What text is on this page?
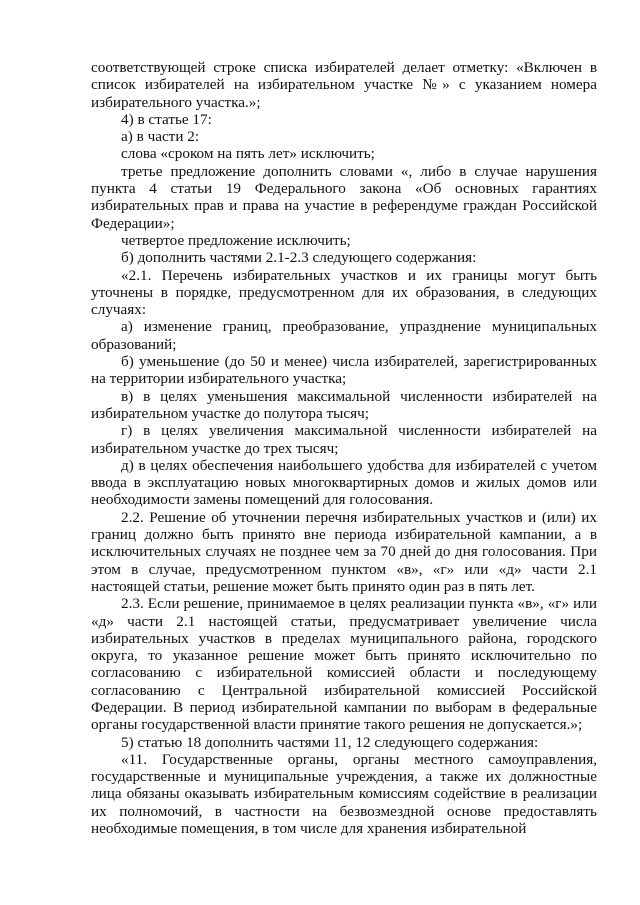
соответствующей строке списка избирателей делает отметку: «Включен в список избирателей на избирательном участке №» с указанием номера избирательного участка.»;

4) в статье 17:

а) в части 2:

слова «сроком на пять лет» исключить;

третье предложение дополнить словами «, либо в случае нарушения пункта 4 статьи 19 Федерального закона «Об основных гарантиях избирательных прав и права на участие в референдуме граждан Российской Федерации»;

четвертое предложение исключить;

б) дополнить частями 2.1-2.3 следующего содержания:

«2.1. Перечень избирательных участков и их границы могут быть уточнены в порядке, предусмотренном для их образования, в следующих случаях:

а) изменение границ, преобразование, упразднение муниципальных образований;

б) уменьшение (до 50 и менее) числа избирателей, зарегистрированных на территории избирательного участка;

в) в целях уменьшения максимальной численности избирателей на избирательном участке до полутора тысяч;

г) в целях увеличения максимальной численности избирателей на избирательном участке до трех тысяч;

д) в целях обеспечения наибольшего удобства для избирателей с учетом ввода в эксплуатацию новых многоквартирных домов и жилых домов или необходимости замены помещений для голосования.

2.2. Решение об уточнении перечня избирательных участков и (или) их границ должно быть принято вне периода избирательной кампании, а в исключительных случаях не позднее чем за 70 дней до дня голосования. При этом в случае, предусмотренном пунктом «в», «г» или «д» части 2.1 настоящей статьи, решение может быть принято один раз в пять лет.

2.3. Если решение, принимаемое в целях реализации пункта «в», «г» или «д» части 2.1 настоящей статьи, предусматривает увеличение числа избирательных участков в пределах муниципального района, городского округа, то указанное решение может быть принято исключительно по согласованию с избирательной комиссией области и последующему согласованию с Центральной избирательной комиссией Российской Федерации. В период избирательной кампании по выборам в федеральные органы государственной власти принятие такого решения не допускается.»;

5) статью 18 дополнить частями 11, 12 следующего содержания:

«11. Государственные органы, органы местного самоуправления, государственные и муниципальные учреждения, а также их должностные лица обязаны оказывать избирательным комиссиям содействие в реализации их полномочий, в частности на безвозмездной основе предоставлять необходимые помещения, в том числе для хранения избирательной
